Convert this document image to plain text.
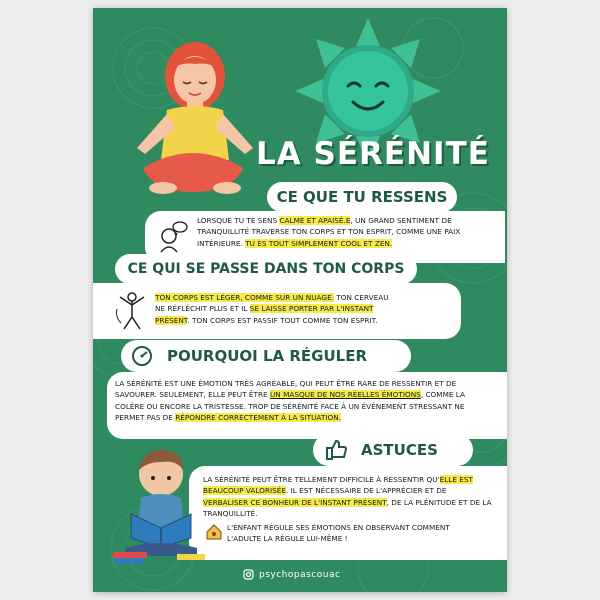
LA SÉRÉNITÉ
CE QUE TU RESSENS
LORSQUE TU TE SENS CALME ET APAISÉ.E, UN GRAND SENTIMENT DE TRANQUILLITÉ TRAVERSE TON CORPS ET TON ESPRIT, COMME UNE PAIX INTÉRIEURE. TU ES TOUT SIMPLEMENT COOL ET ZEN.
CE QUI SE PASSE DANS TON CORPS
TON CORPS EST LÉGER, COMME SUR UN NUAGE. TON CERVEAU NE RÉFLÉCHIT PLUS ET IL SE LAISSE PORTER PAR L'INSTANT PRÉSENT. TON CORPS EST PASSIF TOUT COMME TON ESPRIT.
POURQUOI LA RÉGULER
LA SÉRÉNITÉ EST UNE ÉMOTION TRÈS AGRÉABLE, QUI PEUT ÊTRE RARE DE RESSENTIR ET DE SAVOURER. SEULEMENT, ELLE PEUT ÊTRE UN MASQUE DE NOS RÉELLES ÉMOTIONS, COMME LA COLÈRE OU ENCORE LA TRISTESSE. TROP DE SÉRÉNITÉ FACE À UN ÉVÈNEMENT STRESSANT NE PERMET PAS DE RÉPONDRE CORRECTEMENT À LA SITUATION.
ASTUCES
LA SÉRÉNITÉ PEUT ÊTRE TELLEMENT DIFFICILE À RESSENTIR QU'ELLE EST BEAUCOUP VALORISÉE. IL EST NÉCESSAIRE DE L'APPRÉCIER ET DE VERBALISER CE BONHEUR DE L'INSTANT PRÉSENT, DE LA PLÉNITUDE ET DE LA TRANQUILLITÉ.
L'ENFANT RÉGULE SES ÉMOTIONS EN OBSERVANT COMMENT L'ADULTE LA RÉGULE LUI-MÊME !
psychopascouac
